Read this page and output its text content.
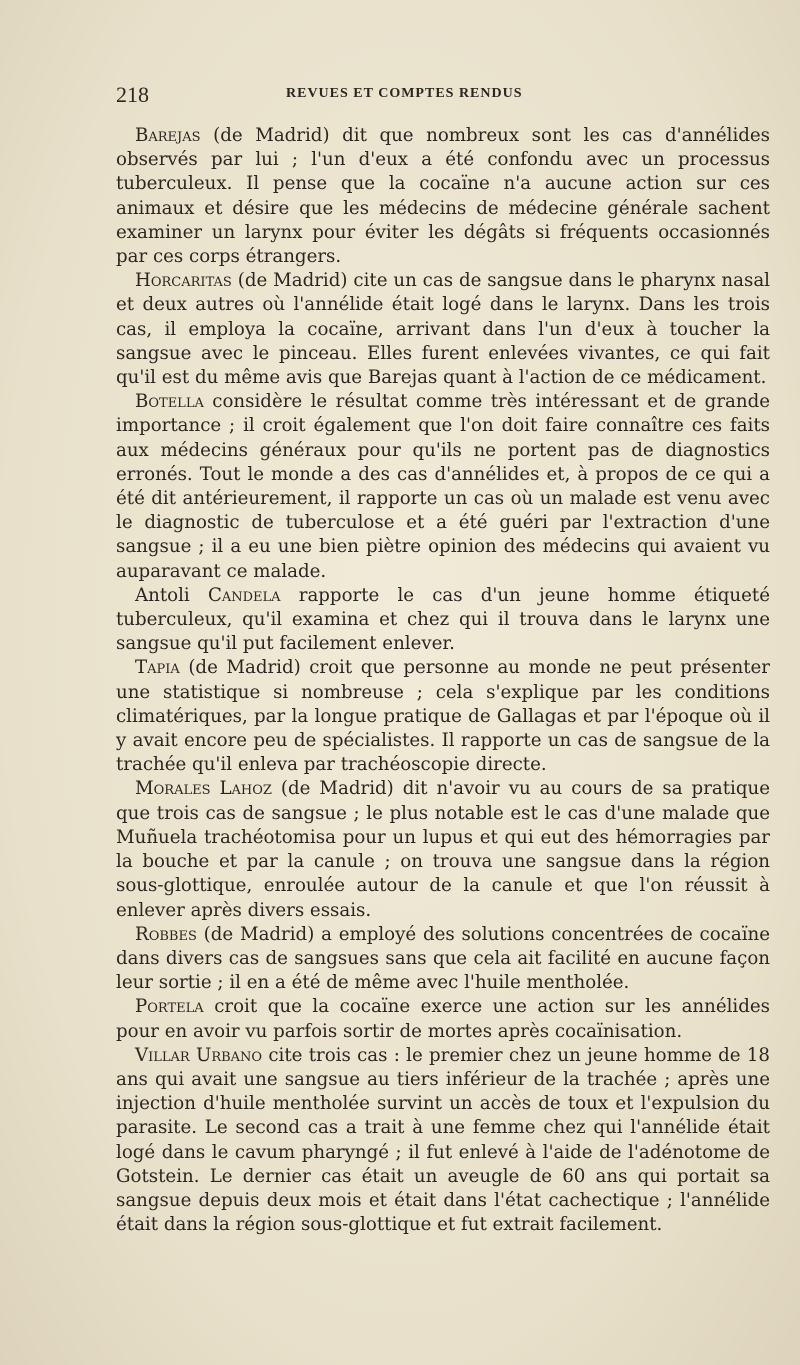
218	REVUES ET COMPTES RENDUS

Barejas (de Madrid) dit que nombreux sont les cas d'annélides observés par lui ; l'un d'eux a été confondu avec un processus tuberculeux. Il pense que la cocaïne n'a aucune action sur ces animaux et désire que les médecins de médecine générale sachent examiner un larynx pour éviter les dégâts si fréquents occasionnés par ces corps étrangers.

Horcaritas (de Madrid) cite un cas de sangsue dans le pharynx nasal et deux autres où l'annélide était logé dans le larynx. Dans les trois cas, il employa la cocaïne, arrivant dans l'un d'eux à toucher la sangsue avec le pinceau. Elles furent enlevées vivantes, ce qui fait qu'il est du même avis que Barejas quant à l'action de ce médicament.

Botella considère le résultat comme très intéressant et de grande importance ; il croit également que l'on doit faire connaître ces faits aux médecins généraux pour qu'ils ne portent pas de diagnostics erronés. Tout le monde a des cas d'annélides et, à propos de ce qui a été dit antérieurement, il rapporte un cas où un malade est venu avec le diagnostic de tuberculose et a été guéri par l'extraction d'une sangsue ; il a eu une bien piètre opinion des médecins qui avaient vu auparavant ce malade.

Antoli Candela rapporte le cas d'un jeune homme étiqueté tuberculeux, qu'il examina et chez qui il trouva dans le larynx une sangsue qu'il put facilement enlever.

Tapia (de Madrid) croit que personne au monde ne peut présenter une statistique si nombreuse ; cela s'explique par les conditions climatériques, par la longue pratique de Gallagas et par l'époque où il y avait encore peu de spécialistes. Il rapporte un cas de sangsue de la trachée qu'il enleva par trachéoscopie directe.

Morales Lahoz (de Madrid) dit n'avoir vu au cours de sa pratique que trois cas de sangsue ; le plus notable est le cas d'une malade que Muñuela trachéotomisa pour un lupus et qui eut des hémorragies par la bouche et par la canule ; on trouva une sangsue dans la région sous-glottique, enroulée autour de la canule et que l'on réussit à enlever après divers essais.

Robbes (de Madrid) a employé des solutions concentrées de cocaïne dans divers cas de sangsues sans que cela ait facilité en aucune façon leur sortie ; il en a été de même avec l'huile mentholée.

Portela croit que la cocaïne exerce une action sur les annélides pour en avoir vu parfois sortir de mortes après cocaïnisation.

Villar Urbano cite trois cas : le premier chez un jeune homme de 18 ans qui avait une sangsue au tiers inférieur de la trachée ; après une injection d'huile mentholée survint un accès de toux et l'expulsion du parasite. Le second cas a trait à une femme chez qui l'annélide était logé dans le cavum pharyngé ; il fut enlevé à l'aide de l'adénotome de Gotstein. Le dernier cas était un aveugle de 60 ans qui portait sa sangsue depuis deux mois et était dans l'état cachectique ; l'annélide était dans la région sous-glottique et fut extrait facilement.
